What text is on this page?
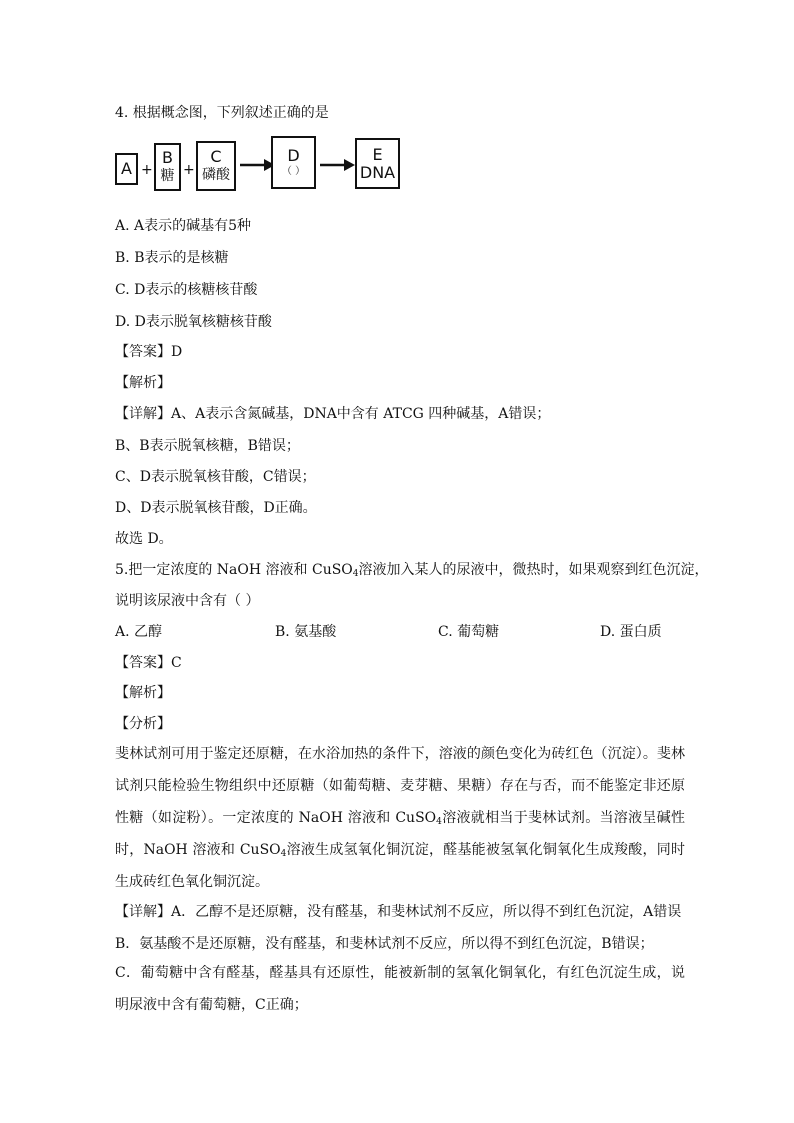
4. 根据概念图，下列叙述正确的是
A +
B
糖 +
C
磷酸
D
（ ）
E
DNA
A. A表示的碱基有5种
B. B表示的是核糖
C. D表示的核糖核苷酸
D. D表示脱氧核糖核苷酸
【答案】D
【解析】
【详解】A、A表示含氮碱基，DNA中含有 ATCG 四种碱基，A错误；
B、B表示脱氧核糖，B错误；
C、D表示脱氧核苷酸，C错误；
D、D表示脱氧核苷酸，D正确。
故选 D。
5.把一定浓度的 NaOH 溶液和 CuSO$_4$溶液加入某人的尿液中，微热时，如果观察到红色沉淀，
说明该尿液中含有（ ）
A. 乙醇	B. 氨基酸	C. 葡萄糖	D. 蛋白质
【答案】C
【解析】
【分析】
斐林试剂可用于鉴定还原糖，在水浴加热的条件下，溶液的颜色变化为砖红色（沉淀）。斐林试剂只能检验生物组织中还原糖（如葡萄糖、麦芽糖、果糖）存在与否，而不能鉴定非还原性糖（如淀粉）。一定浓度的 NaOH 溶液和 CuSO$_4$溶液就相当于斐林试剂。当溶液呈碱性时，NaOH 溶液和 CuSO$_4$溶液生成氢氧化铜沉淀，醛基能被氢氧化铜氧化生成羧酸，同时生成砖红色氧化铜沉淀。
【详解】A．乙醇不是还原糖，没有醛基，和斐林试剂不反应，所以得不到红色沉淀，A错误
B．氨基酸不是还原糖，没有醛基，和斐林试剂不反应，所以得不到红色沉淀，B错误；
C．葡萄糖中含有醛基，醛基具有还原性，能被新制的氢氧化铜氧化，有红色沉淀生成，说明尿液中含有葡萄糖，C正确；
